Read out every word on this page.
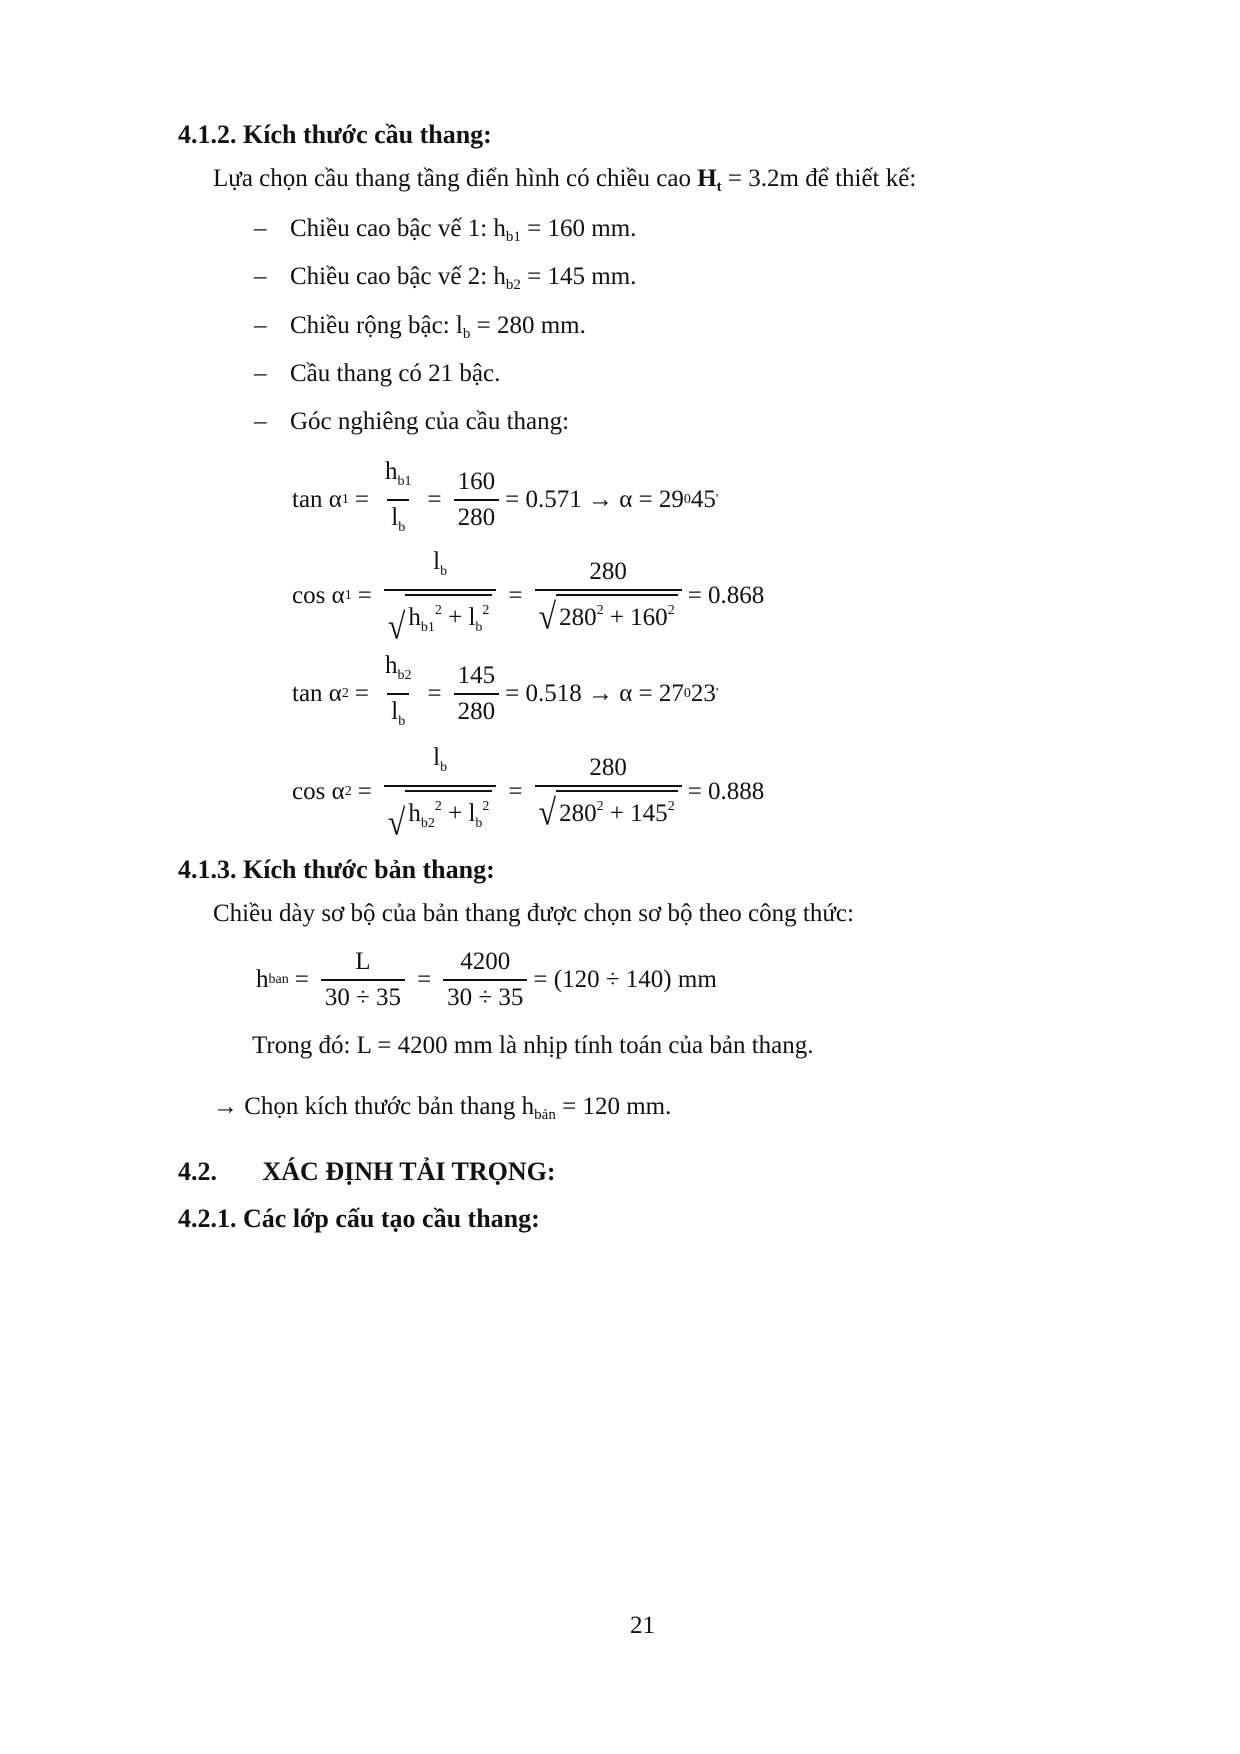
4.1.2. Kích thước cầu thang:
Lựa chọn cầu thang tầng điển hình có chiều cao $H_t = 3.2m$ để thiết kế:
– Chiều cao bậc vế 1: $h_{b1} = 160$ mm.
– Chiều cao bậc vế 2: $h_{b2} = 145$ mm.
– Chiều rộng bậc: $l_b = 280$ mm.
– Cầu thang có 21 bậc.
– Góc nghiêng của cầu thang:
tan α $1 = \frac{h_{b1}}{l_b} = \frac{160}{280} = 0.571 \to \alpha = 29$ 0 45 '
cos α $1 = \frac{l_b}{√ h_{b1}^2 + l_b^2} = \frac{280}{√ 280^2 + 160^2} = 0.868$
tan α $2 = \frac{h_{b2}}{l_b} = \frac{145}{280} = 0.518 \to \alpha = 27$ 0 23 '
cos α $2 = \frac{l_b}{√ h_{b2}^2 + l_b^2} = \frac{280}{√ 280^2 + 145^2} = 0.888$
4.1.3. Kích thước bản thang:
Chiều dày sơ bộ của bản thang được chọn sơ bộ theo công thức:
h ban = $\frac{L}{30 \div 35} = \frac{4200}{30 \div 35} = (120 \div 140)$ mm
Trong đó: L = 4200 mm là nhịp tính toán của bản thang.
→ Chọn kích thước bản thang $h_{bản} = 120$ mm.
4.2.       XÁC ĐỊNH TẢI TRỌNG:
4.2.1. Các lớp cấu tạo cầu thang:
21
